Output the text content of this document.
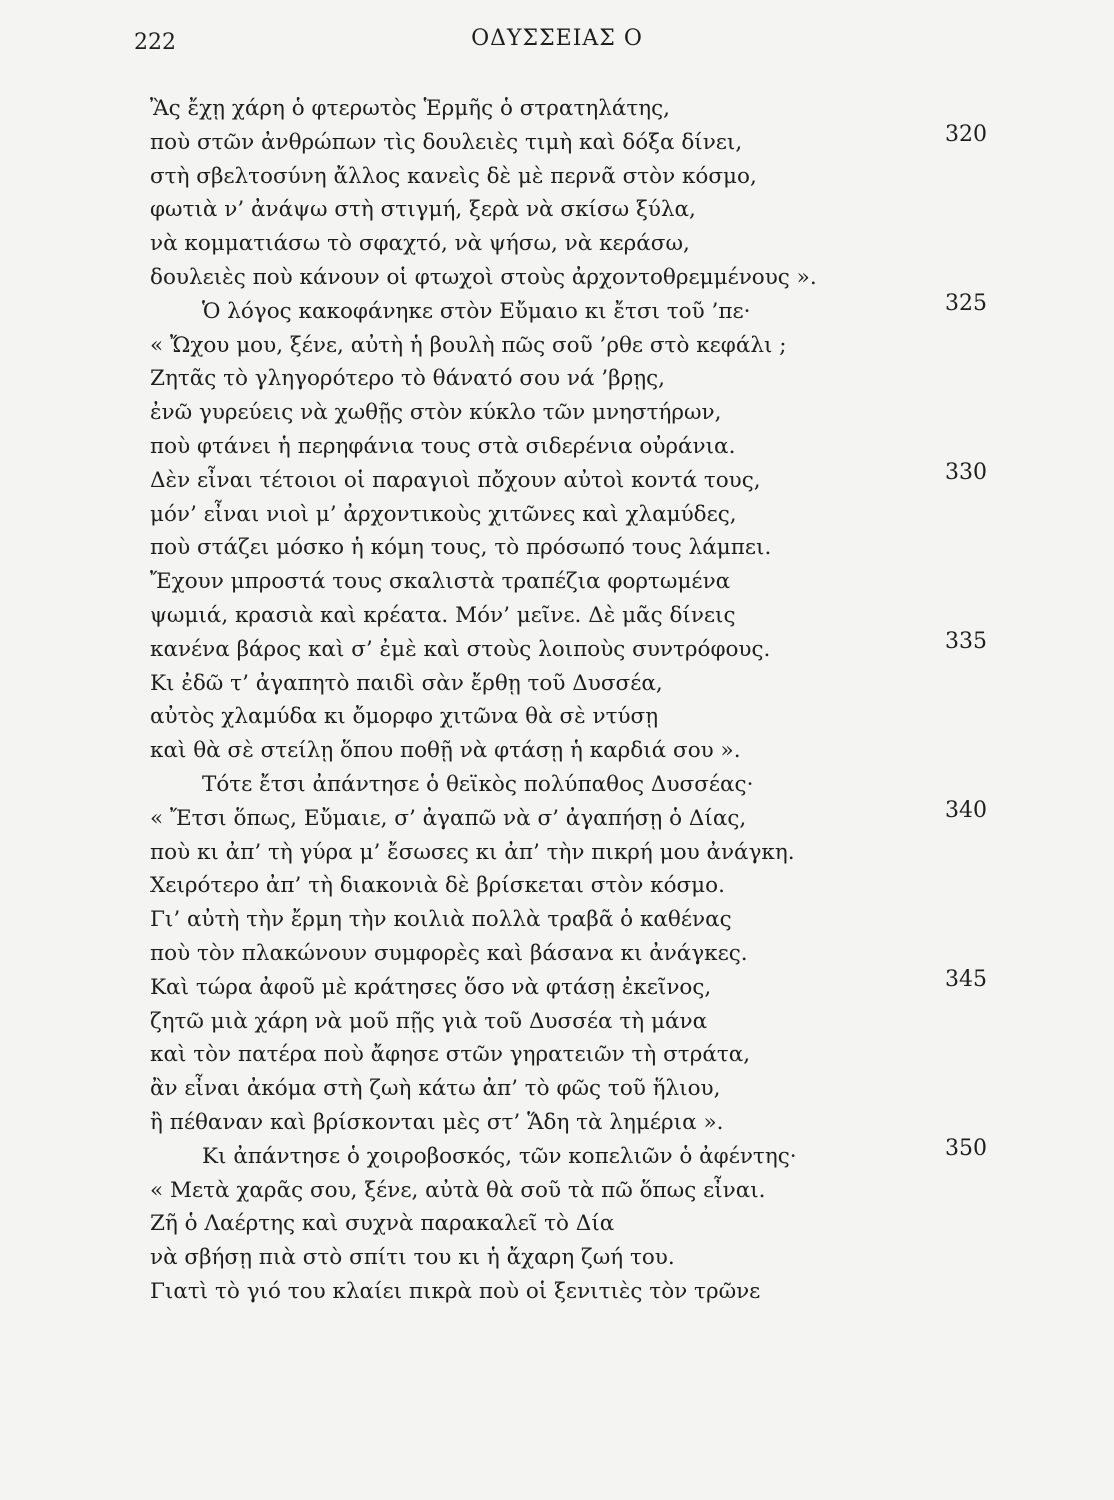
222	ΟΔΥΣΣΕΙΑΣ Ο
Ἂς ἔχῃ χάρη ὁ φτερωτὸς Ἑρμῆς ὁ στρατηλάτης,
ποὺ στῶν ἀνθρώπων τὶς δουλειὲς τιμὴ καὶ δόξα δίνει,	320
στὴ σβελτοσύνη ἄλλος κανεὶς δὲ μὲ περνᾶ στὸν κόσμο,
φωτιὰ ν’ ἀνάψω στὴ στιγμή, ξερὰ νὰ σκίσω ξύλα,
νὰ κομματιάσω τὸ σφαχτό, νὰ ψήσω, νὰ κεράσω,
δουλειὲς ποὺ κάνουν οἱ φτωχοὶ στοὺς ἀρχοντοθρεμμένους ».
Ὁ λόγος κακοφάνηκε στὸν Εὔμαιο κι ἔτσι τοῦ ’πε·	325
« Ὤχου μου, ξένε, αὐτὴ ἡ βουλὴ πῶς σοῦ ’ρθε στὸ κεφάλι ;
Ζητᾶς τὸ γληγορότερο τὸ θάνατό σου νά ’βρῃς,
ἐνῶ γυρεύεις νὰ χωθῇς στὸν κύκλο τῶν μνηστήρων,
ποὺ φτάνει ἡ περηφάνια τους στὰ σιδερένια οὐράνια.
Δὲν εἶναι τέτοιοι οἱ παραγιοὶ πὄχουν αὐτοὶ κοντά τους,	330
μόν’ εἶναι νιοὶ μ’ ἀρχοντικοὺς χιτῶνες καὶ χλαμύδες,
ποὺ στάζει μόσκο ἡ κόμη τους, τὸ πρόσωπό τους λάμπει.
Ἔχουν μπροστά τους σκαλιστὰ τραπέζια φορτωμένα
ψωμιά, κρασιὰ καὶ κρέατα. Μόν’ μεῖνε. Δὲ μᾶς δίνεις
κανένα βάρος καὶ σ’ ἐμὲ καὶ στοὺς λοιποὺς συντρόφους.	335
Κι ἐδῶ τ’ ἀγαπητὸ παιδὶ σὰν ἔρθῃ τοῦ Δυσσέα,
αὐτὸς χλαμύδα κι ὄμορφο χιτῶνα θὰ σὲ ντύσῃ
καὶ θὰ σὲ στείλῃ ὅπου ποθῇ νὰ φτάσῃ ἡ καρδιά σου ».
Τότε ἔτσι ἀπάντησε ὁ θεϊκὸς πολύπαθος Δυσσέας·
« Ἔτσι ὅπως, Εὔμαιε, σ’ ἀγαπῶ νὰ σ’ ἀγαπήσῃ ὁ Δίας,	340
ποὺ κι ἀπ’ τὴ γύρα μ’ ἔσωσες κι ἀπ’ τὴν πικρή μου ἀνάγκη.
Χειρότερο ἀπ’ τὴ διακονιὰ δὲ βρίσκεται στὸν κόσμο.
Γι’ αὐτὴ τὴν ἔρμη τὴν κοιλιὰ πολλὰ τραβᾶ ὁ καθένας
ποὺ τὸν πλακώνουν συμφορὲς καὶ βάσανα κι ἀνάγκες.
Καὶ τώρα ἀφοῦ μὲ κράτησες ὅσο νὰ φτάσῃ ἐκεῖνος,	345
ζητῶ μιὰ χάρη νὰ μοῦ πῇς γιὰ τοῦ Δυσσέα τὴ μάνα
καὶ τὸν πατέρα ποὺ ἄφησε στῶν γηρατειῶν τὴ στράτα,
ἂν εἶναι ἀκόμα στὴ ζωὴ κάτω ἀπ’ τὸ φῶς τοῦ ἥλιου,
ἢ πέθαναν καὶ βρίσκονται μὲς στ’ Ἅδη τὰ λημέρια ».
Κι ἀπάντησε ὁ χοιροβοσκός, τῶν κοπελιῶν ὁ ἀφέντης·	350
« Μετὰ χαρᾶς σου, ξένε, αὐτὰ θὰ σοῦ τὰ πῶ ὅπως εἶναι.
Ζῆ ὁ Λαέρτης καὶ συχνὰ παρακαλεῖ τὸ Δία
νὰ σβήσῃ πιὰ στὸ σπίτι του κι ἡ ἄχαρη ζωή του.
Γιατὶ τὸ γιό του κλαίει πικρὰ ποὺ οἱ ξενιτιὲς τὸν τρῶνε
